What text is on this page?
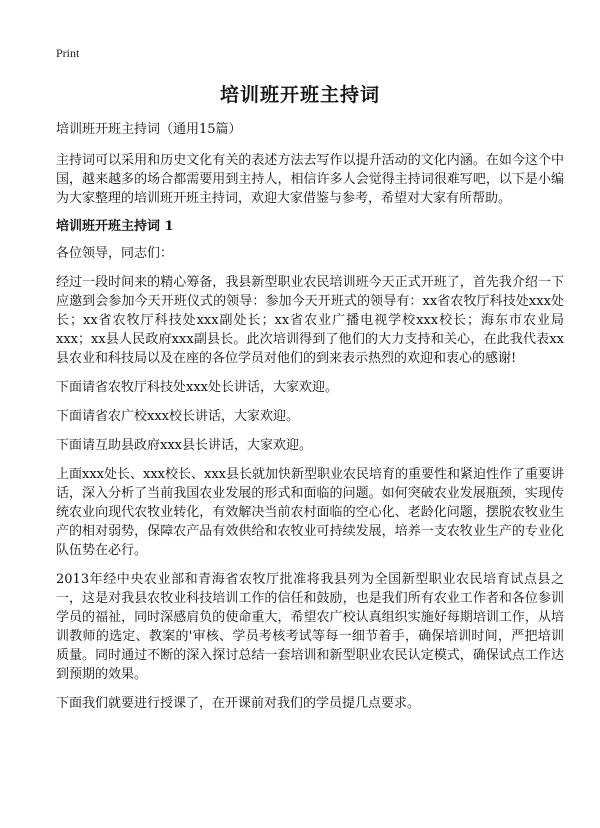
Print
培训班开班主持词
培训班开班主持词（通用15篇）

主持词可以采用和历史文化有关的表述方法去写作以提升活动的文化内涵。在如今这个中国，越来越多的场合都需要用到主持人，相信许多人会觉得主持词很难写吧，以下是小编为大家整理的培训班开班主持词，欢迎大家借鉴与参考，希望对大家有所帮助。

培训班开班主持词 1

各位领导，同志们：

经过一段时间来的精心筹备，我县新型职业农民培训班今天正式开班了，首先我介绍一下应邀到会参加今天开班仪式的领导：参加今天开班式的领导有：xx省农牧厅科技处xxx处长；xx省农牧厅科技处xxx副处长；xx省农业广播电视学校xxx校长；海东市农业局xxx；xx县人民政府xxx副县长。此次培训得到了他们的大力支持和关心，在此我代表xx县农业和科技局以及在座的各位学员对他们的到来表示热烈的欢迎和衷心的感谢!

下面请省农牧厅科技处xxx处长讲话，大家欢迎。

下面请省农广校xxx校长讲话，大家欢迎。

下面请互助县政府xxx县长讲话，大家欢迎。

上面xxx处长、xxx校长、xxx县长就加快新型职业农民培育的重要性和紧迫性作了重要讲话，深入分析了当前我国农业发展的形式和面临的问题。如何突破农业发展瓶颈，实现传统农业向现代农牧业转化，有效解决当前农村面临的空心化、老龄化问题，摆脱农牧业生产的相对弱势，保障农产品有效供给和农牧业可持续发展，培养一支农牧业生产的专业化队伍势在必行。

2013年经中央农业部和青海省农牧厅批准将我县列为全国新型职业农民培育试点县之一，这是对我县农牧业科技培训工作的信任和鼓励，也是我们所有农业工作者和各位参训学员的福祉，同时深感肩负的使命重大，希望农广校认真组织实施好每期培训工作，从培训教师的选定、教案的'审核、学员考核考试等每一细节着手，确保培训时间，严把培训质量。同时通过不断的深入探讨总结一套培训和新型职业农民认定模式，确保试点工作达到预期的效果。

下面我们就要进行授课了，在开课前对我们的学员提几点要求。
